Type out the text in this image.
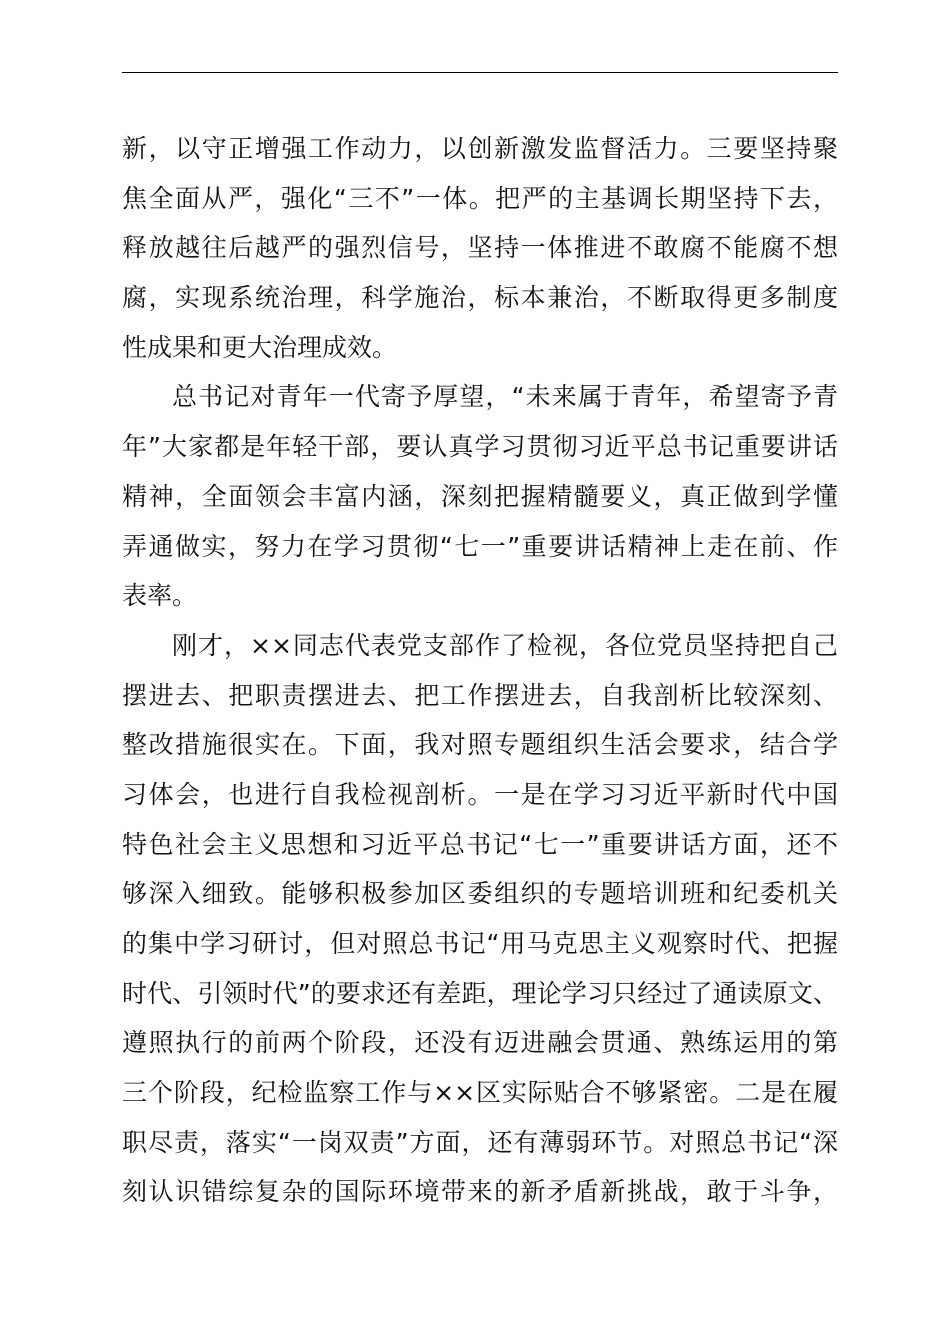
新，以守正增强工作动力，以创新激发监督活力。三要坚持聚
焦全面从严，强化“三不”一体。把严的主基调长期坚持下去，
释放越往后越严的强烈信号，坚持一体推进不敢腐不能腐不想
腐，实现系统治理，科学施治，标本兼治，不断取得更多制度
性成果和更大治理成效。
总书记对青年一代寄予厚望，“未来属于青年，希望寄予青
年”大家都是年轻干部，要认真学习贯彻习近平总书记重要讲话
精神，全面领会丰富内涵，深刻把握精髓要义，真正做到学懂
弄通做实，努力在学习贯彻“七一”重要讲话精神上走在前、作
表率。
刚才，××同志代表党支部作了检视，各位党员坚持把自己
摆进去、把职责摆进去、把工作摆进去，自我剖析比较深刻、
整改措施很实在。下面，我对照专题组织生活会要求，结合学
习体会，也进行自我检视剖析。一是在学习习近平新时代中国
特色社会主义思想和习近平总书记“七一”重要讲话方面，还不
够深入细致。能够积极参加区委组织的专题培训班和纪委机关
的集中学习研讨，但对照总书记“用马克思主义观察时代、把握
时代、引领时代”的要求还有差距，理论学习只经过了通读原文、
遵照执行的前两个阶段，还没有迈进融会贯通、熟练运用的第
三个阶段，纪检监察工作与××区实际贴合不够紧密。二是在履
职尽责，落实“一岗双责”方面，还有薄弱环节。对照总书记“深
刻认识错综复杂的国际环境带来的新矛盾新挑战，敢于斗争，
